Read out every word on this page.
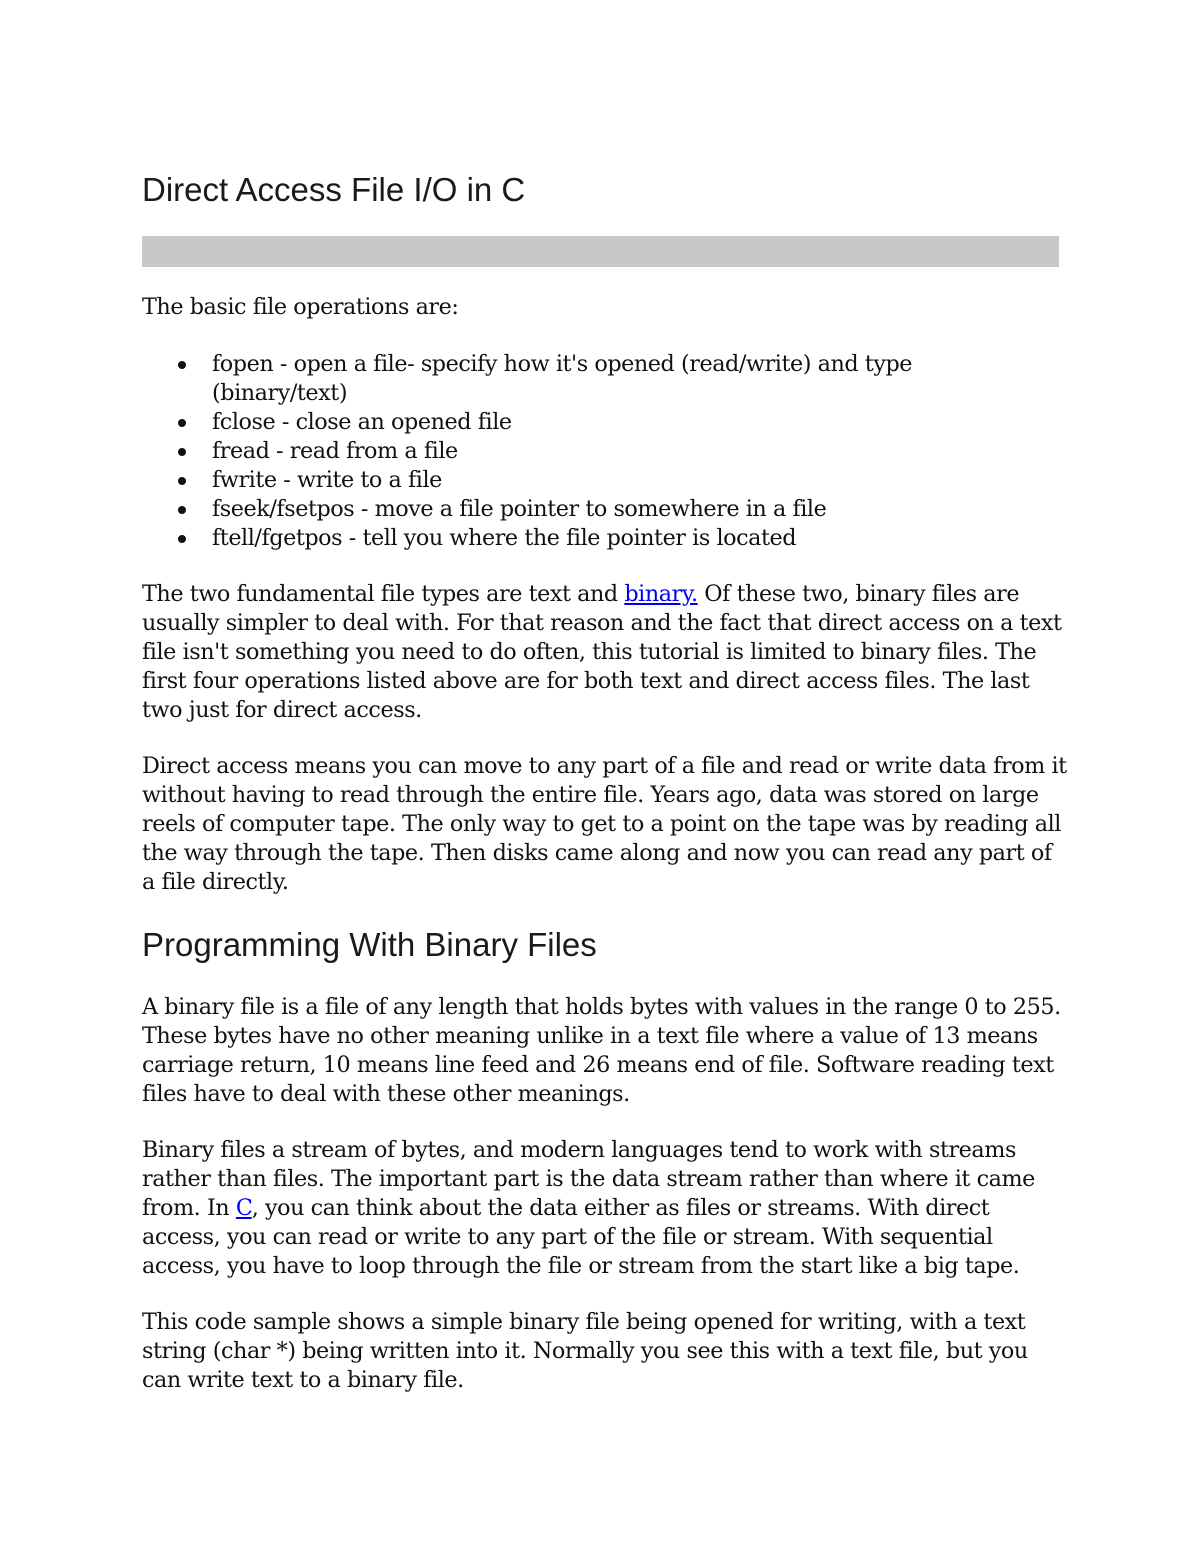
Direct Access File I/O in C

The basic file operations are:

fopen - open a file- specify how it's opened (read/write) and type (binary/text)
fclose - close an opened file
fread - read from a file
fwrite - write to a file
fseek/fsetpos - move a file pointer to somewhere in a file
ftell/fgetpos - tell you where the file pointer is located

The two fundamental file types are text and binary. Of these two, binary files are usually simpler to deal with. For that reason and the fact that direct access on a text file isn't something you need to do often, this tutorial is limited to binary files. The first four operations listed above are for both text and direct access files. The last two just for direct access.

Direct access means you can move to any part of a file and read or write data from it without having to read through the entire file. Years ago, data was stored on large reels of computer tape. The only way to get to a point on the tape was by reading all the way through the tape. Then disks came along and now you can read any part of a file directly.

Programming With Binary Files

A binary file is a file of any length that holds bytes with values in the range 0 to 255. These bytes have no other meaning unlike in a text file where a value of 13 means carriage return, 10 means line feed and 26 means end of file. Software reading text files have to deal with these other meanings.

Binary files a stream of bytes, and modern languages tend to work with streams rather than files. The important part is the data stream rather than where it came from. In C, you can think about the data either as files or streams. With direct access, you can read or write to any part of the file or stream. With sequential access, you have to loop through the file or stream from the start like a big tape.

This code sample shows a simple binary file being opened for writing, with a text string (char *) being written into it. Normally you see this with a text file, but you can write text to a binary file.
